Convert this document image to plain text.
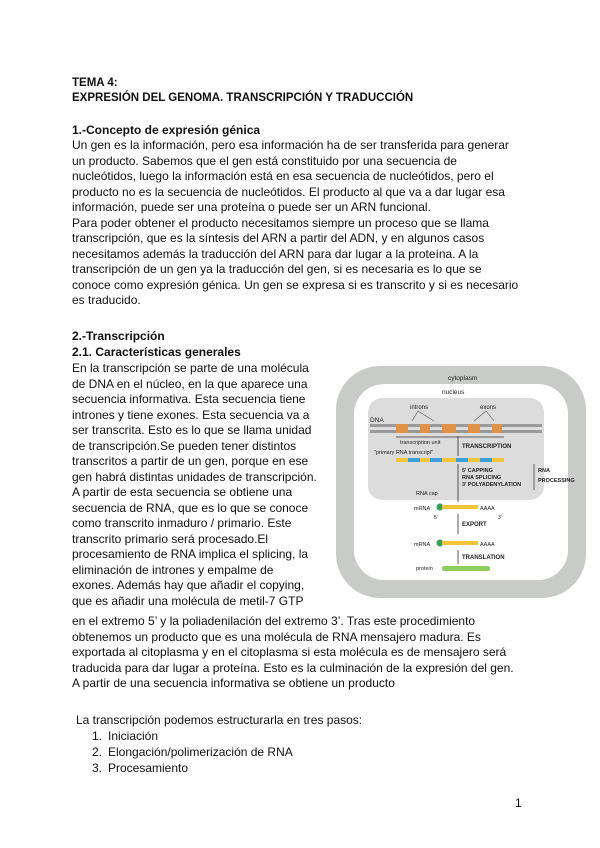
TEMA 4:
EXPRESIÓN DEL GENOMA. TRANSCRIPCIÓN Y TRADUCCIÓN
1.-Concepto de expresión génica
Un gen es la información, pero esa información ha de ser transferida para generar
un producto. Sabemos que el gen está constituido por una secuencia de
nucleótidos, luego la información está en esa secuencia de nucleótidos, pero el
producto no es la secuencia de nucleótidos. El producto al que va a dar lugar esa
información, puede ser una proteína o puede ser un ARN funcional.
Para poder obtener el producto necesitamos siempre un proceso que se llama
transcripción, que es la síntesis del ARN a partir del ADN, y en algunos casos
necesitamos además la traducción del ARN para dar lugar a la proteína. A la
transcripción de un gen ya la traducción del gen, si es necesaria es lo que se
conoce como expresión génica. Un gen se expresa si es transcrito y si es necesario
es traducido.
2.-Transcripción
2.1. Características generales
En la transcripción se parte de una molécula
de DNA en el núcleo, en la que aparece una
secuencia informativa. Esta secuencia tiene
intrones y tiene exones. Esta secuencia va a
ser transcrita. Esto es lo que se llama unidad
de transcripción.Se pueden tener distintos
transcritos a partir de un gen, porque en ese
gen habrá distintas unidades de transcripción.
A partir de esta secuencia se obtiene una
secuencia de RNA, que es lo que se conoce
como transcrito inmaduro / primario. Este
transcrito primario será procesado.El
procesamiento de RNA implica el splicing, la
eliminación de intrones y empalme de
exones. Además hay que añadir el copying,
que es añadir una molécula de metil-7 GTP
en el extremo 5’ y la poliadenilación del extremo 3’. Tras este procedimiento
obtenemos un producto que es una molécula de RNA mensajero madura. Es
exportada al citoplasma y en el citoplasma si esta molécula es de mensajero será
traducida para dar lugar a proteína. Esto es la culminación de la expresión del gen.
A partir de una secuencia informativa se obtiene un producto
La transcripción podemos estructurarla en tres pasos:
1. Iniciación
2. Elongación/polimerización de RNA
3. Procesamiento
1
cytoplasm
nucleus
introns	exons
DNA
transcription unit
"primary RNA transcript"
TRANSCRIPTION
5’ CAPPING
RNA SPLICING
3’ POLYADENYLATION
RNA
PROCESSING
RNA cap
mRNA	AAAA
5’	3’
EXPORT
mRNA	AAAA
TRANSLATION
protein
